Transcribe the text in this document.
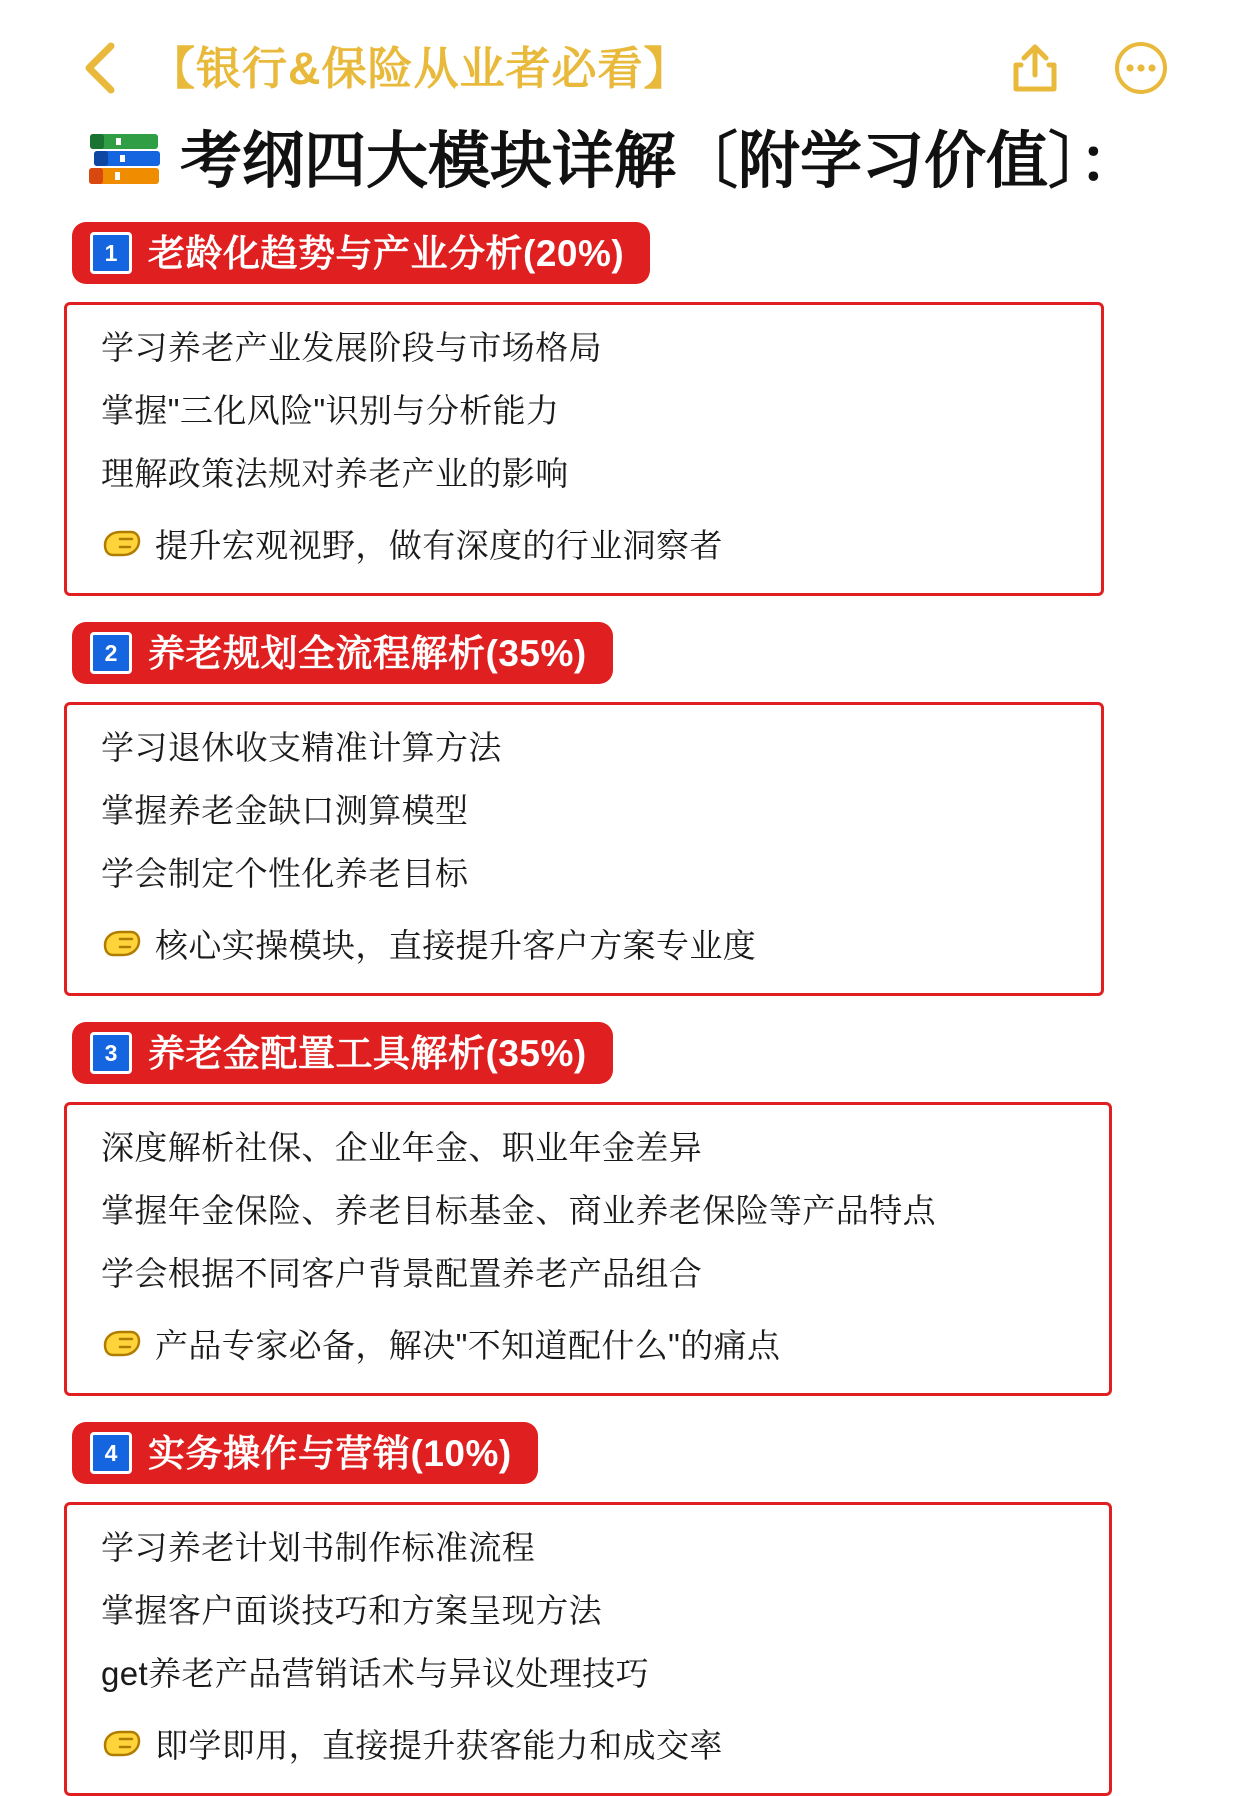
【银行&保险从业者必看】
考纲四大模块详解〔附学习价值〕：
1 老龄化趋势与产业分析(20%)

学习养老产业发展阶段与市场格局

掌握"三化风险"识别与分析能力

理解政策法规对养老产业的影响

提升宏观视野，做有深度的行业洞察者
2 养老规划全流程解析(35%)

学习退休收支精准计算方法

掌握养老金缺口测算模型

学会制定个性化养老目标

核心实操模块，直接提升客户方案专业度
3 养老金配置工具解析(35%)

深度解析社保、企业年金、职业年金差异

掌握年金保险、养老目标基金、商业养老保险等产品特点

学会根据不同客户背景配置养老产品组合

产品专家必备，解决"不知道配什么"的痛点
4 实务操作与营销(10%)

学习养老计划书制作标准流程

掌握客户面谈技巧和方案呈现方法

get养老产品营销话术与异议处理技巧

即学即用，直接提升获客能力和成交率
